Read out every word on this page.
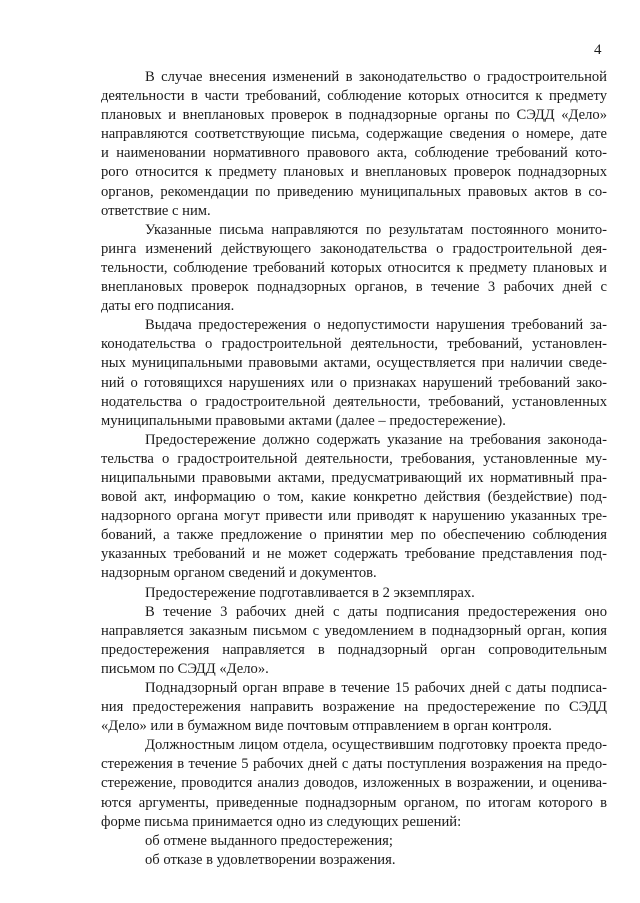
4

В случае внесения изменений в законодательство о градостроительной
деятельности в части требований, соблюдение которых относится к предмету
плановых и внеплановых проверок в поднадзорные органы по СЭДД «Дело»
направляются соответствующие письма, содержащие сведения о номере, дате
и наименовании нормативного правового акта, соблюдение требований кото-
рого относится к предмету плановых и внеплановых проверок поднадзорных
органов, рекомендации по приведению муниципальных правовых актов в со-
ответствие с ним.

Указанные письма направляются по результатам постоянного монито-
ринга изменений действующего законодательства о градостроительной дея-
тельности, соблюдение требований которых относится к предмету плановых и
внеплановых проверок поднадзорных органов, в течение 3 рабочих дней с
даты его подписания.

Выдача предостережения о недопустимости нарушения требований за-
конодательства о градостроительной деятельности, требований, установлен-
ных муниципальными правовыми актами, осуществляется при наличии сведе-
ний о готовящихся нарушениях или о признаках нарушений требований зако-
нодательства о градостроительной деятельности, требований, установленных
муниципальными правовыми актами (далее – предостережение).

Предостережение должно содержать указание на требования законода-
тельства о градостроительной деятельности, требования, установленные му-
ниципальными правовыми актами, предусматривающий их нормативный пра-
вовой акт, информацию о том, какие конкретно действия (бездействие) под-
надзорного органа могут привести или приводят к нарушению указанных тре-
бований, а также предложение о принятии мер по обеспечению соблюдения
указанных требований и не может содержать требование представления под-
надзорным органом сведений и документов.

Предостережение подготавливается в 2 экземплярах.

В течение 3 рабочих дней с даты подписания предостережения оно
направляется заказным письмом с уведомлением в поднадзорный орган, копия
предостережения направляется в поднадзорный орган сопроводительным
письмом по СЭДД «Дело».

Поднадзорный орган вправе в течение 15 рабочих дней с даты подписа-
ния предостережения направить возражение на предостережение по СЭДД
«Дело» или в бумажном виде почтовым отправлением в орган контроля.

Должностным лицом отдела, осуществившим подготовку проекта предо-
стережения в течение 5 рабочих дней с даты поступления возражения на предо-
стережение, проводится анализ доводов, изложенных в возражении, и оценива-
ются аргументы, приведенные поднадзорным органом, по итогам которого в
форме письма принимается одно из следующих решений:

об отмене выданного предостережения;
об отказе в удовлетворении возражения.
